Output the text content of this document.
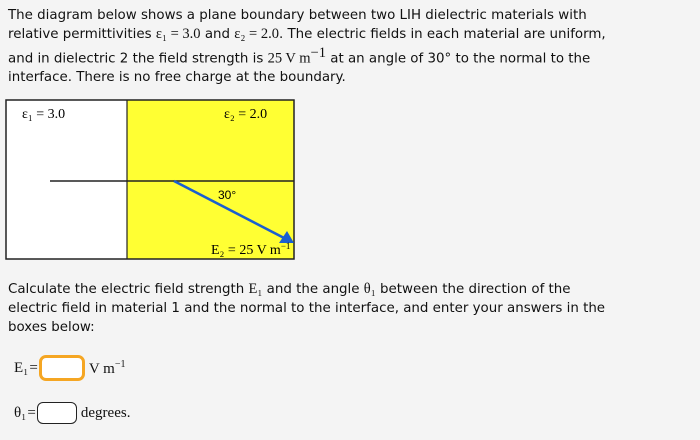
The diagram below shows a plane boundary between two LIH dielectric materials with
relative permittivities ε₁ = 3.0 and ε₂ = 2.0. The electric fields in each material are uniform,
and in dielectric 2 the field strength is 25 V $m^{-1}$ at an angle of 30° to the normal to the
interface. There is no free charge at the boundary.
ε₁ = 3.0	ε₂ = 2.0
30°
E₂ = 25 V $m^{-1}$
Calculate the electric field strength E₁ and the angle θ₁ between the direction of the
electric field in material 1 and the normal to the interface, and enter your answers in the
boxes below:
E₁ =	V $m^{-1}$
θ₁ =	degrees.
